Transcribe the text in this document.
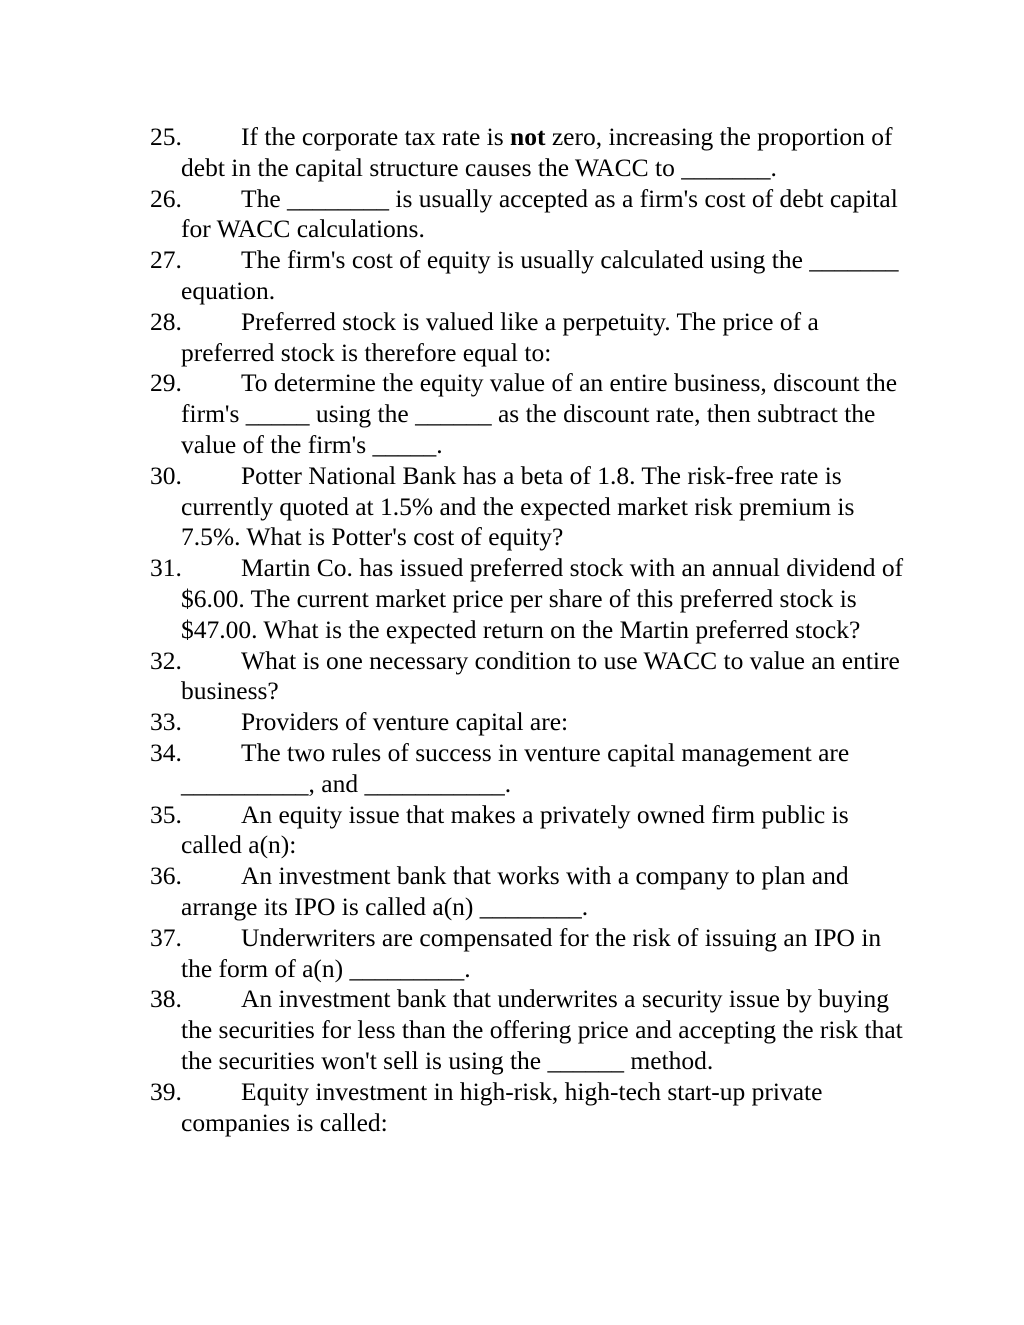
25. If the corporate tax rate is not zero, increasing the proportion of debt in the capital structure causes the WACC to _______.
26. The ________ is usually accepted as a firm's cost of debt capital for WACC calculations.
27. The firm's cost of equity is usually calculated using the _______ equation.
28. Preferred stock is valued like a perpetuity. The price of a preferred stock is therefore equal to:
29. To determine the equity value of an entire business, discount the firm's _____ using the ______ as the discount rate, then subtract the value of the firm's _____.
30. Potter National Bank has a beta of 1.8. The risk-free rate is currently quoted at 1.5% and the expected market risk premium is 7.5%. What is Potter's cost of equity?
31. Martin Co. has issued preferred stock with an annual dividend of $6.00. The current market price per share of this preferred stock is $47.00. What is the expected return on the Martin preferred stock?
32. What is one necessary condition to use WACC to value an entire business?
33. Providers of venture capital are:
34. The two rules of success in venture capital management are __________, and ___________.
35. An equity issue that makes a privately owned firm public is called a(n):
36. An investment bank that works with a company to plan and arrange its IPO is called a(n) ________.
37. Underwriters are compensated for the risk of issuing an IPO in the form of a(n) _________.
38. An investment bank that underwrites a security issue by buying the securities for less than the offering price and accepting the risk that the securities won't sell is using the ______ method.
39. Equity investment in high-risk, high-tech start-up private companies is called:
